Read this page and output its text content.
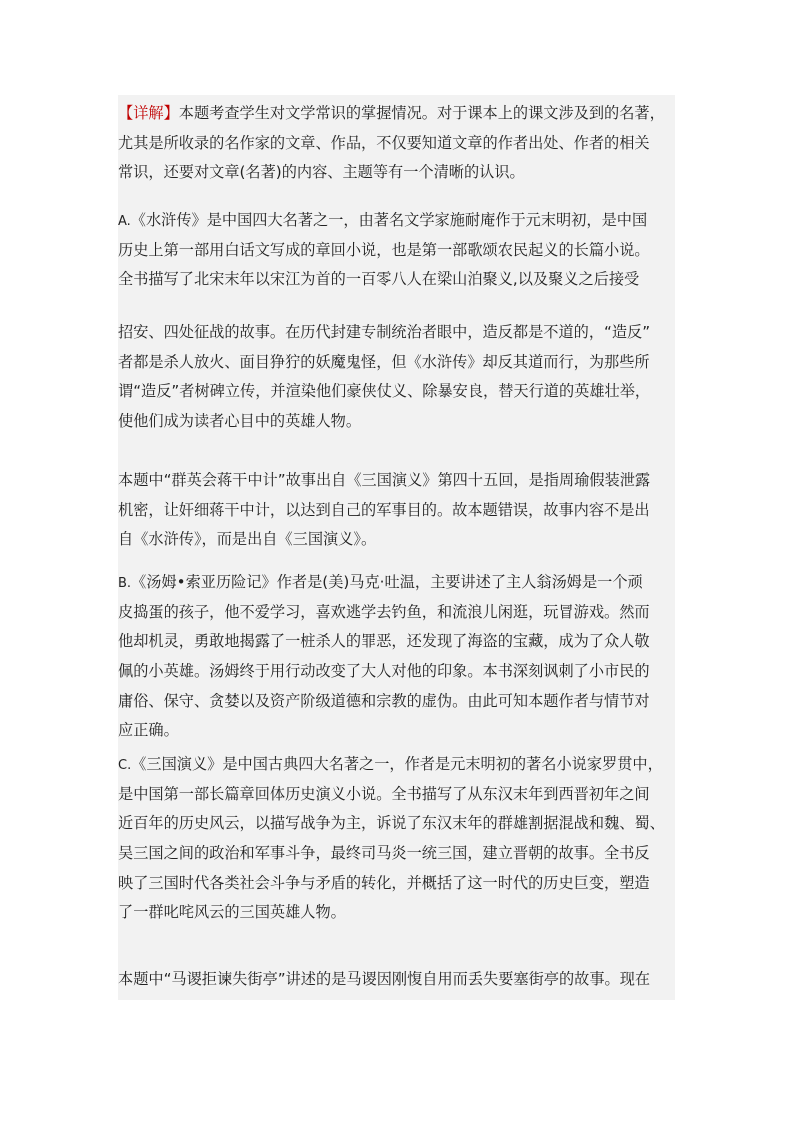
【详解】本题考查学生对文学常识的掌握情况。对于课本上的课文涉及到的名著，
尤其是所收录的名作家的文章、作品，不仅要知道文章的作者出处、作者的相关
常识，还要对文章(名著)的内容、主题等有一个清晰的认识。
A.《水浒传》是中国四大名著之一，由著名文学家施耐庵作于元末明初，是中国
历史上第一部用白话文写成的章回小说，也是第一部歌颂农民起义的长篇小说。
全书描写了北宋末年以宋江为首的一百零八人在梁山泊聚义,以及聚义之后接受
招安、四处征战的故事。在历代封建专制统治者眼中，造反都是不道的，“造反”
者都是杀人放火、面目狰狞的妖魔鬼怪，但《水浒传》却反其道而行，为那些所
谓“造反”者树碑立传，并渲染他们豪侠仗义、除暴安良，替天行道的英雄壮举，
使他们成为读者心目中的英雄人物。
本题中“群英会蒋干中计”故事出自《三国演义》第四十五回，是指周瑜假装泄露
机密，让奸细蒋干中计，以达到自己的军事目的。故本题错误，故事内容不是出
自《水浒传》，而是出自《三国演义》。
B.《汤姆•索亚历险记》作者是(美)马克·吐温，主要讲述了主人翁汤姆是一个顽
皮捣蛋的孩子，他不爱学习，喜欢逃学去钓鱼，和流浪儿闲逛，玩冒游戏。然而
他却机灵，勇敢地揭露了一桩杀人的罪恶，还发现了海盗的宝藏，成为了众人敬
佩的小英雄。汤姆终于用行动改变了大人对他的印象。本书深刻讽刺了小市民的
庸俗、保守、贪婪以及资产阶级道德和宗教的虚伪。由此可知本题作者与情节对
应正确。
C.《三国演义》是中国古典四大名著之一，作者是元末明初的著名小说家罗贯中，
是中国第一部长篇章回体历史演义小说。全书描写了从东汉末年到西晋初年之间
近百年的历史风云，以描写战争为主，诉说了东汉末年的群雄割据混战和魏、蜀、
吴三国之间的政治和军事斗争，最终司马炎一统三国，建立晋朝的故事。全书反
映了三国时代各类社会斗争与矛盾的转化，并概括了这一时代的历史巨变，塑造
了一群叱咤风云的三国英雄人物。
本题中“马谡拒谏失街亭”讲述的是马谡因刚愎自用而丢失要塞街亭的故事。现在
